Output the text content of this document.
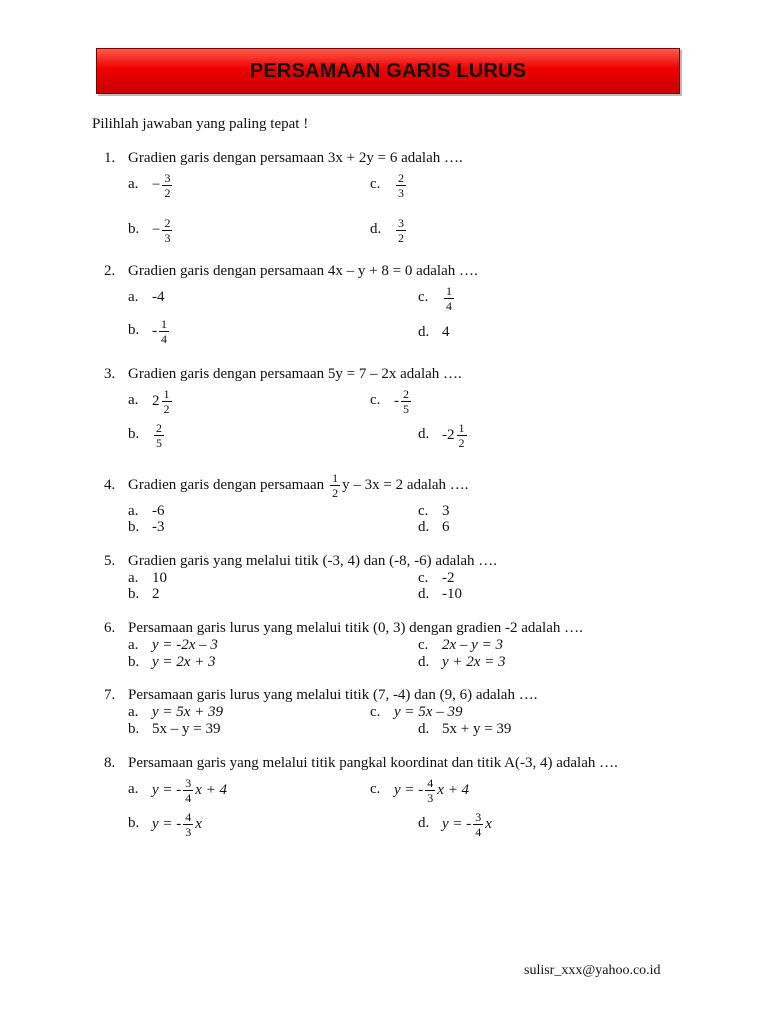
PERSAMAAN GARIS LURUS
Pilihlah jawaban yang paling tepat !
1. Gradien garis dengan persamaan 3x + 2y = 6 adalah ….
a. − $\frac{3}{2}$
b. − $\frac{2}{3}$
c. $\frac{2}{3}$
d. $\frac{3}{2}$
2. Gradien garis dengan persamaan 4x – y + 8 = 0 adalah ….
a. -4
b. - $\frac{1}{4}$
c. $\frac{1}{4}$
d. 4
3. Gradien garis dengan persamaan 5y = 7 – 2x adalah ….
a. $2 \frac{1}{2}$
b. $\frac{2}{5}$
c. - $\frac{2}{5}$
d. $-2 \frac{1}{2}$
4. Gradien garis dengan persamaan $\frac{1}{2}$ y – 3x = 2 adalah ….
a. -6
b. -3
c. 3
d. 6
5. Gradien garis yang melalui titik (-3, 4) dan (-8, -6) adalah ….
a. 10
b. 2
c. -2
d. -10
6. Persamaan garis lurus yang melalui titik (0, 3) dengan gradien -2 adalah ….
a. y = -2x – 3
b. y = 2x + 3
c. 2x – y = 3
d. y + 2x = 3
7. Persamaan garis lurus yang melalui titik (7, -4) dan (9, 6) adalah ….
a. y = 5x + 39
b. 5x – y = 39
c. y = 5x – 39
d. 5x + y = 39
8. Persamaan garis yang melalui titik pangkal koordinat dan titik A(-3, 4) adalah ….
a. y = - $\frac{3}{4}$ x + 4
b. y = - $\frac{4}{3}$ x
c. y = - $\frac{4}{3}$ x + 4
d. y = - $\frac{3}{4}$ x
sulisr_xxx@yahoo.co.id
